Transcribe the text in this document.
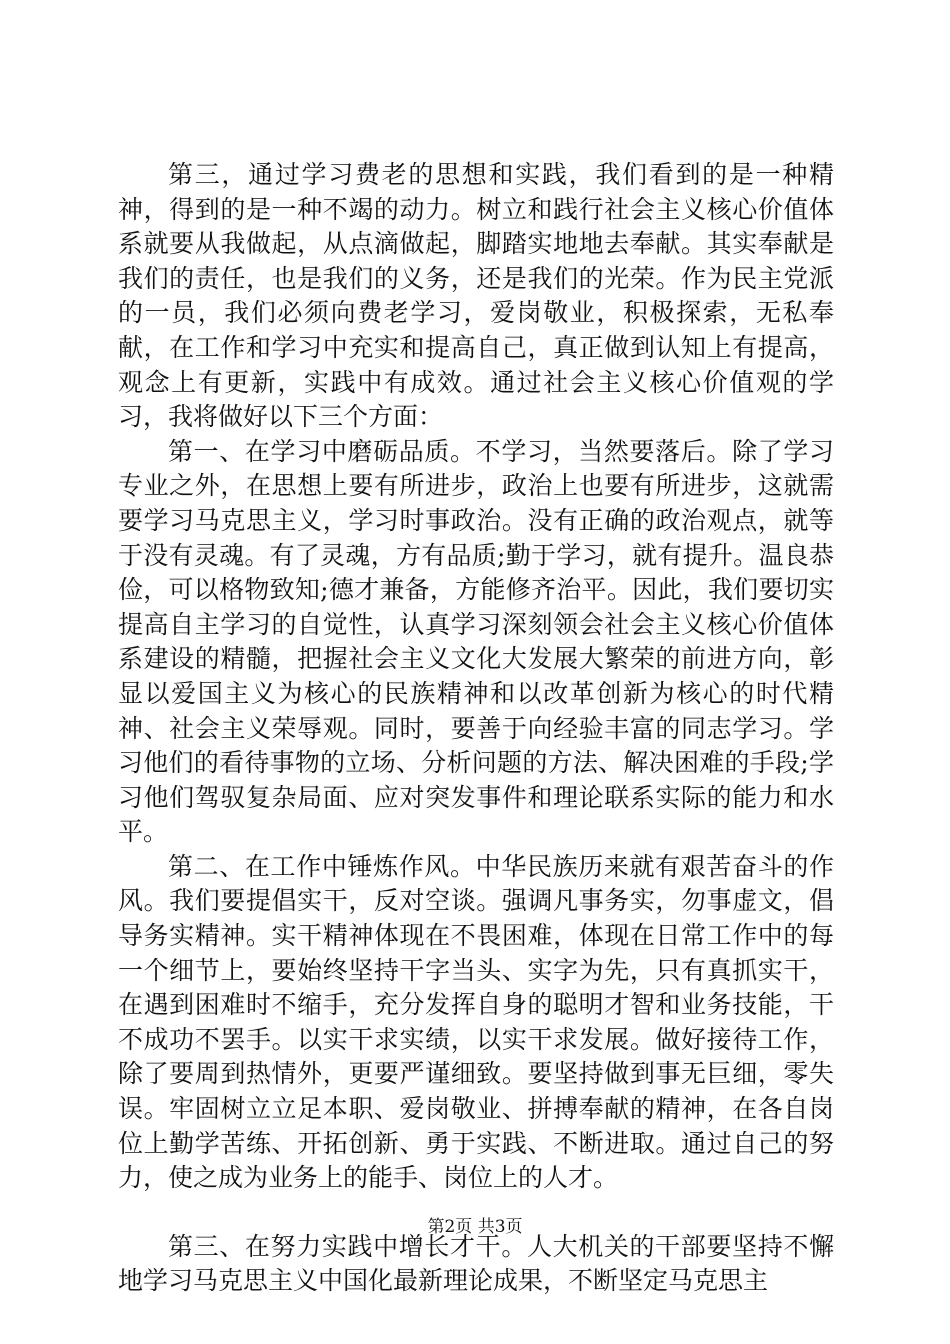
第三，通过学习费老的思想和实践，我们看到的是一种精神，得到的是一种不竭的动力。树立和践行社会主义核心价值体系就要从我做起，从点滴做起，脚踏实地地去奉献。其实奉献是我们的责任，也是我们的义务，还是我们的光荣。作为民主党派的一员，我们必须向费老学习，爱岗敬业，积极探索，无私奉献，在工作和学习中充实和提高自己，真正做到认知上有提高，观念上有更新，实践中有成效。通过社会主义核心价值观的学习，我将做好以下三个方面：

第一、在学习中磨砺品质。不学习，当然要落后。除了学习专业之外，在思想上要有所进步，政治上也要有所进步，这就需要学习马克思主义，学习时事政治。没有正确的政治观点，就等于没有灵魂。有了灵魂，方有品质;勤于学习，就有提升。温良恭俭，可以格物致知;德才兼备，方能修齐治平。因此，我们要切实提高自主学习的自觉性，认真学习深刻领会社会主义核心价值体系建设的精髓，把握社会主义文化大发展大繁荣的前进方向，彰显以爱国主义为核心的民族精神和以改革创新为核心的时代精神、社会主义荣辱观。同时，要善于向经验丰富的同志学习。学习他们的看待事物的立场、分析问题的方法、解决困难的手段;学习他们驾驭复杂局面、应对突发事件和理论联系实际的能力和水平。

第二、在工作中锤炼作风。中华民族历来就有艰苦奋斗的作风。我们要提倡实干，反对空谈。强调凡事务实，勿事虚文，倡导务实精神。实干精神体现在不畏困难，体现在日常工作中的每一个细节上，要始终坚持干字当头、实字为先，只有真抓实干，在遇到困难时不缩手，充分发挥自身的聪明才智和业务技能，干不成功不罢手。以实干求实绩，以实干求发展。做好接待工作，除了要周到热情外，更要严谨细致。要坚持做到事无巨细，零失误。牢固树立立足本职、爱岗敬业、拼搏奉献的精神，在各自岗位上勤学苦练、开拓创新、勇于实践、不断进取。通过自己的努力，使之成为业务上的能手、岗位上的人才。

第三、在努力实践中增长才干。人大机关的干部要坚持不懈地学习马克思主义中国化最新理论成果，不断坚定马克思主

第2页 共3页
